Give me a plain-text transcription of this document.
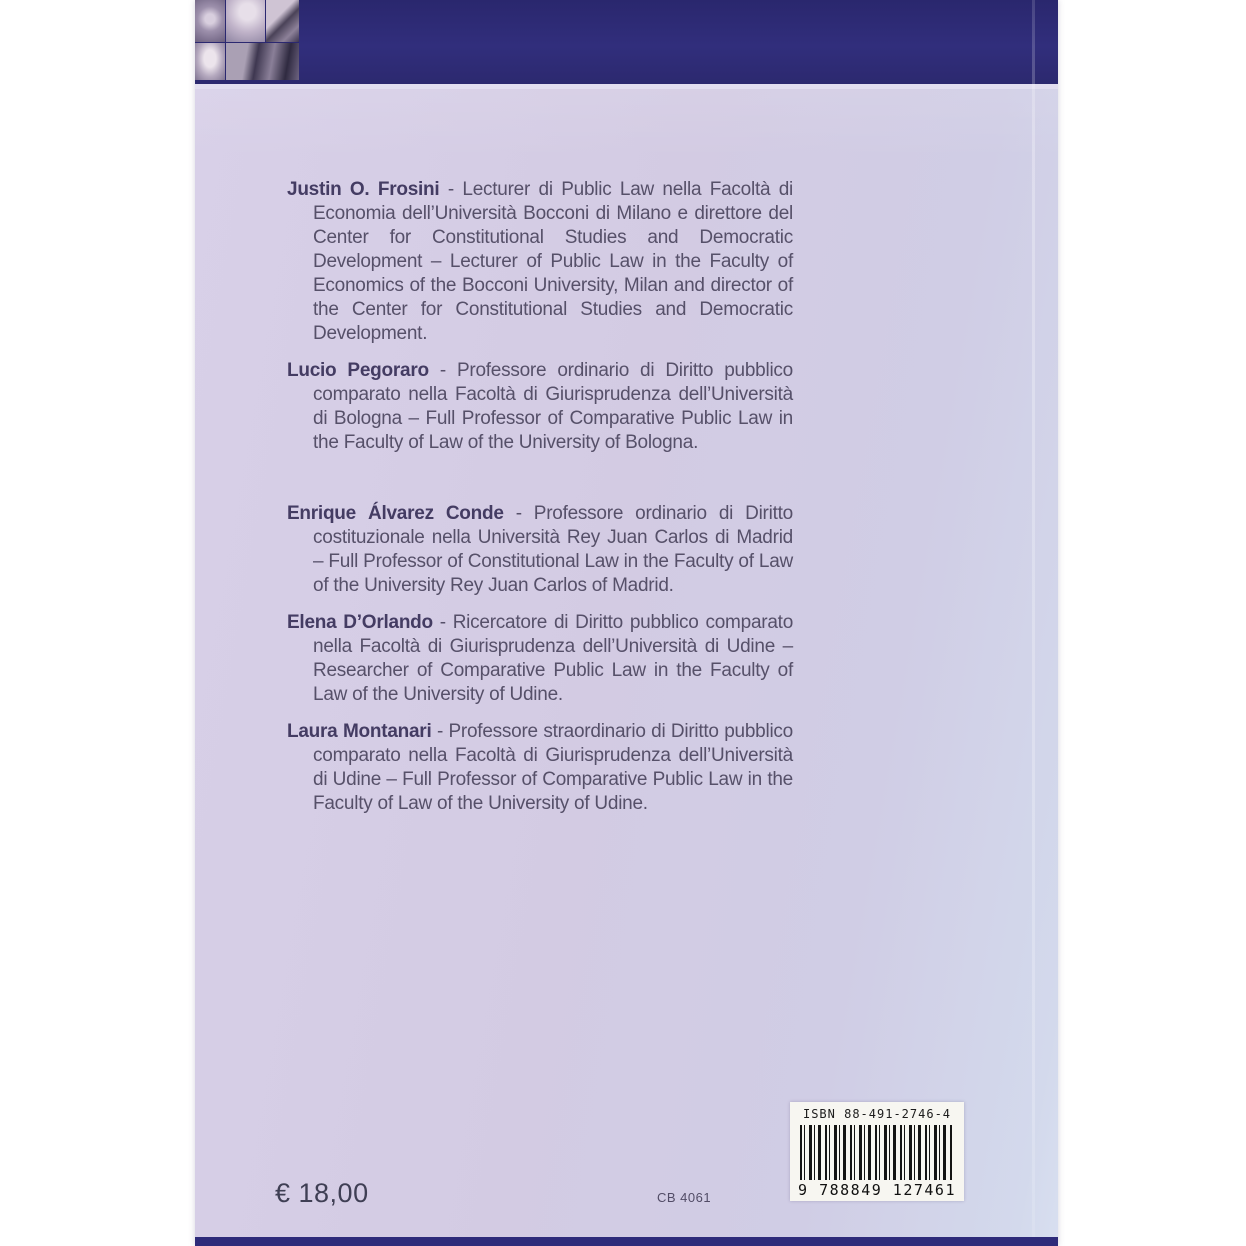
Justin O. Frosini - Lecturer di Public Law nella Facoltà di Economia dell’Università Bocconi di Milano e direttore del Center for Constitutional Studies and Democratic Development – Lecturer of Public Law in the Faculty of Economics of the Bocconi University, Milan and director of the Center for Constitutional Studies and Democratic Development.

Lucio Pegoraro - Professore ordinario di Diritto pubblico comparato nella Facoltà di Giurisprudenza dell’Università di Bologna – Full Professor of Comparative Public Law in the Faculty of Law of the University of Bologna.

Enrique Álvarez Conde - Professore ordinario di Diritto costituzionale nella Università Rey Juan Carlos di Madrid – Full Professor of Constitutional Law in the Faculty of Law of the University Rey Juan Carlos of Madrid.

Elena D’Orlando - Ricercatore di Diritto pubblico comparato nella Facoltà di Giurisprudenza dell’Università di Udine – Researcher of Comparative Public Law in the Faculty of Law of the University of Udine.

Laura Montanari - Professore straordinario di Diritto pubblico comparato nella Facoltà di Giurisprudenza dell’Università di Udine – Full Professor of Comparative Public Law in the Faculty of Law of the University of Udine.

€ 18,00	CB 4061
ISBN 88-491-2746-4
9 788849 127461
